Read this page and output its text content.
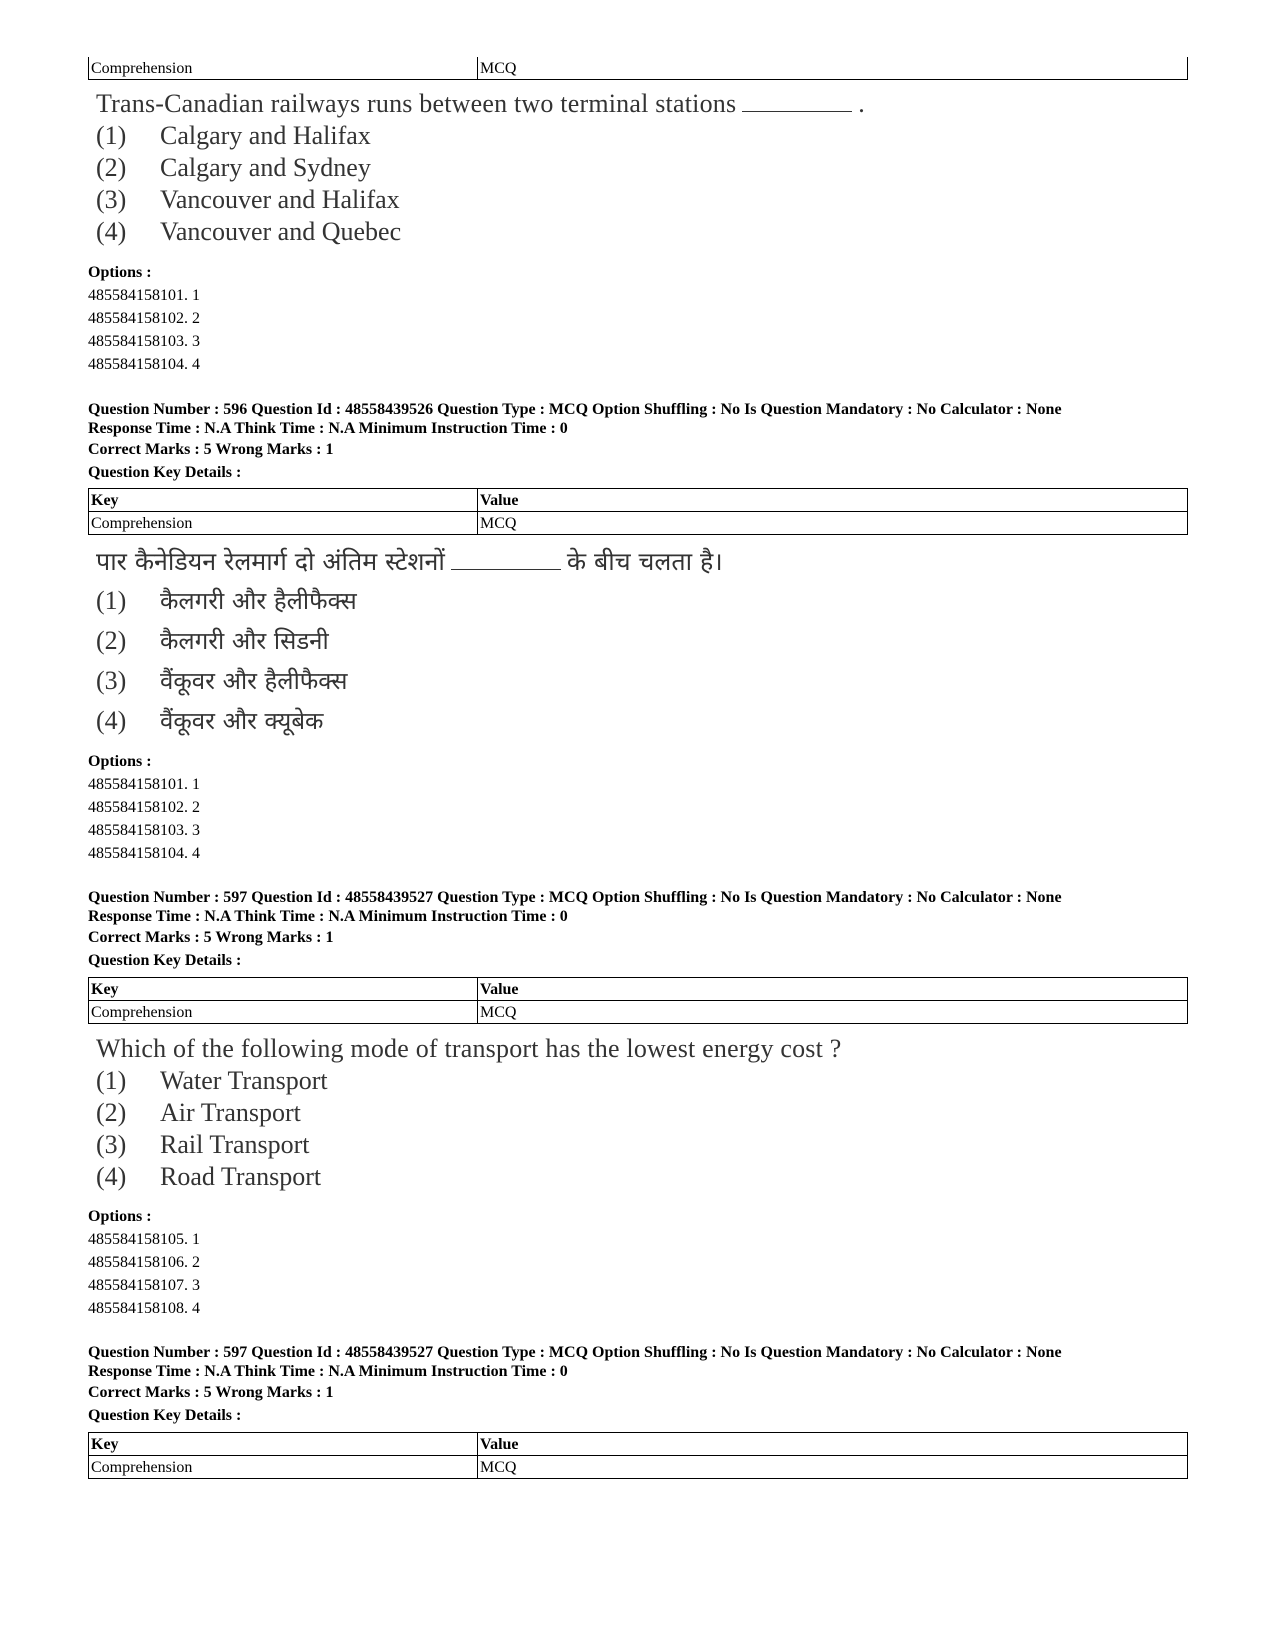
Comprehension	MCQ
Trans-Canadian railways runs between two terminal stations	.
(1)	Calgary and Halifax
(2)	Calgary and Sydney
(3)	Vancouver and Halifax
(4)	Vancouver and Quebec
Options :
485584158101. 1
485584158102. 2
485584158103. 3
485584158104. 4
Question Number : 596 Question Id : 48558439526 Question Type : MCQ Option Shuffling : No Is Question Mandatory : No Calculator : None
Response Time : N.A Think Time : N.A Minimum Instruction Time : 0
Correct Marks : 5 Wrong Marks : 1
Question Key Details :
Key	Value
Comprehension	MCQ
पार कैनेडियन रेलमार्ग दो अंतिम स्टेशनों	के बीच चलता है।
(1)	कैलगरी और हैलीफैक्स
(2)	कैलगरी और सिडनी
(3)	वैंकूवर और हैलीफैक्स
(4)	वैंकूवर और क्यूबेक
Options :
485584158101. 1
485584158102. 2
485584158103. 3
485584158104. 4
Question Number : 597 Question Id : 48558439527 Question Type : MCQ Option Shuffling : No Is Question Mandatory : No Calculator : None
Response Time : N.A Think Time : N.A Minimum Instruction Time : 0
Correct Marks : 5 Wrong Marks : 1
Question Key Details :
Key	Value
Comprehension	MCQ
Which of the following mode of transport has the lowest energy cost ?
(1)	Water Transport
(2)	Air Transport
(3)	Rail Transport
(4)	Road Transport
Options :
485584158105. 1
485584158106. 2
485584158107. 3
485584158108. 4
Question Number : 597 Question Id : 48558439527 Question Type : MCQ Option Shuffling : No Is Question Mandatory : No Calculator : None
Response Time : N.A Think Time : N.A Minimum Instruction Time : 0
Correct Marks : 5 Wrong Marks : 1
Question Key Details :
Key	Value
Comprehension	MCQ
